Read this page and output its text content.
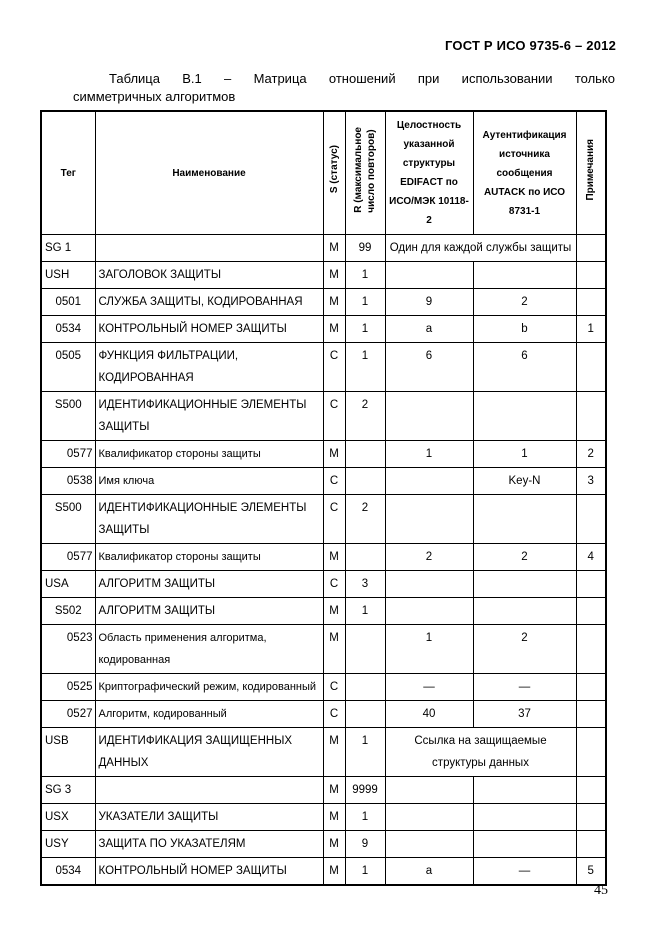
ГОСТ Р ИСО 9735-6 – 2012
Таблица В.1 – Матрица отношений при использовании только
симметричных алгоритмов
Тег	Наименование	S (статус)	R (максимальное
число повторов)	Целостность указанной структуры EDIFACT по ИСО/МЭК 10118-2	Аутентификация источника сообщения AUTACK по ИСО 8731-1	Примечания
SG 1		M	99	Один для каждой службы защиты		
USH	ЗАГОЛОВОК ЗАЩИТЫ	M	1			
0501	СЛУЖБА ЗАЩИТЫ, КОДИРОВАННАЯ	M	1	9	2	
0534	КОНТРОЛЬНЫЙ НОМЕР ЗАЩИТЫ	M	1	a	b	1
0505	ФУНКЦИЯ ФИЛЬТРАЦИИ, КОДИРОВАННАЯ	C	1	6	6	
S500	ИДЕНТИФИКАЦИОННЫЕ ЭЛЕМЕНТЫ ЗАЩИТЫ	C	2			
0577	Квалификатор стороны защиты	M		1	1	2
0538	Имя ключа	C			Key-N	3
S500	ИДЕНТИФИКАЦИОННЫЕ ЭЛЕМЕНТЫ ЗАЩИТЫ	C	2			
0577	Квалификатор стороны защиты	M		2	2	4
USA	АЛГОРИТМ ЗАЩИТЫ	C	3			
S502	АЛГОРИТМ ЗАЩИТЫ	M	1			
0523	Область применения алгоритма, кодированная	M		1	2	
0525	Криптографический режим, кодированный	C		—	—	
0527	Алгоритм, кодированный	C		40	37	
USB	ИДЕНТИФИКАЦИЯ ЗАЩИЩЕННЫХ ДАННЫХ	M	1	Ссылка на защищаемые структуры данных		
SG 3		M	9999			
USX	УКАЗАТЕЛИ ЗАЩИТЫ	M	1			
USY	ЗАЩИТА ПО УКАЗАТЕЛЯМ	M	9			
0534	КОНТРОЛЬНЫЙ НОМЕР ЗАЩИТЫ	M	1	a	—	5
45
